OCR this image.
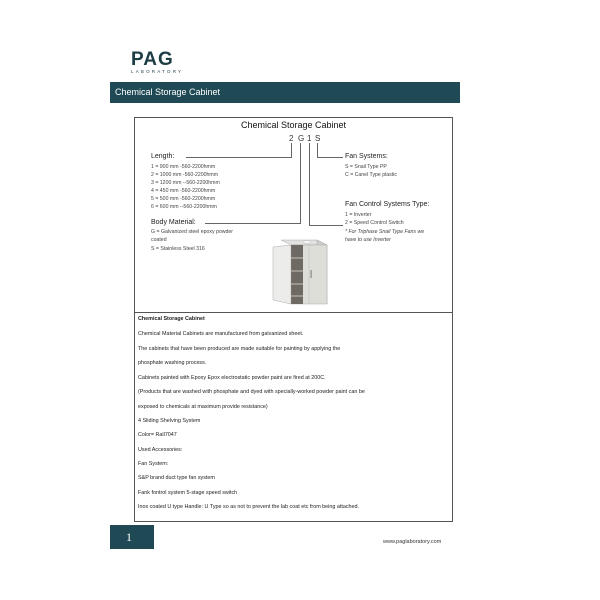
PAG
LABORATORY
Chemical Storage Cabinet
Chemical Storage Cabinet
2 G 1 S
Length:
1 = 900 mm -560-2200hmm
2 = 1000 mm -560-2200hmm
3 = 1200 mm --560-2200hmm
4 = 450 mm -560-2200hmm
5 = 500 mm -560-2200hmm
6 = 600 mm --560-2200hmm
Body Material:
G = Galvanized steel epoxy powder
coated
S = Stainless Steel 316
Fan Systems:
S = Snail Type PP
C = Canel Type plastic
Fan Control Systems Type:
1 = Inverter
2 = Speed Control Switch
* For Triphase Snail Type Fans we
have to use Inverter
Chemical Storage Cabinet
Chemical Material Cabinets are manufactured from galvanized sheet.
The cabinets that have been produced are made suitable for painting by applying the
phosphate washing process.
Cabinets painted with Epoxy Epox electrostatic powder paint are fired at 200C.
(Products that are washed with phosphate and dyed with specially-worked powder paint can be
exposed to chemicals at maximum provide resistance)
4 Sliding Shelving System
Color= Rall7047
Used Accessories:
Fan System:
S&P brand duct type fan system
Fank fontrol system 5-stage speed switch
Inox coated U type Handle: U Type so as not to prevent the lab coat etc from being attached.
1	www.paglaboratory.com
